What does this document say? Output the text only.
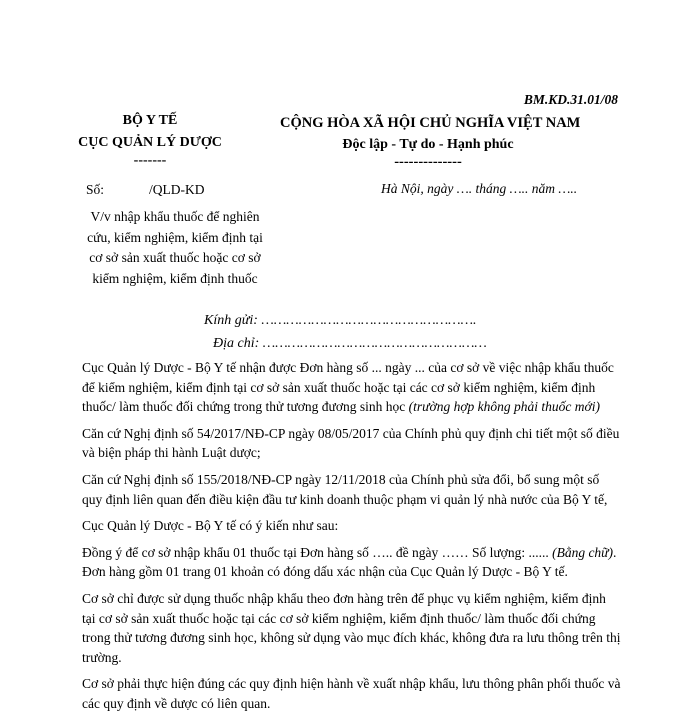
BM.KD.31.01/08
BỘ Y TẾ
CỤC QUẢN LÝ DƯỢC
-------
CỘNG HÒA XÃ HỘI CHỦ NGHĨA VIỆT NAM
Độc lập - Tự do - Hạnh phúc
--------------
Số:	/QLD-KD	Hà Nội, ngày …. tháng ….. năm …..
V/v nhập khẩu thuốc để nghiên cứu, kiểm nghiệm, kiểm định tại cơ sở sản xuất thuốc hoặc cơ sở kiểm nghiệm, kiểm định thuốc
Kính gửi: …………………………………………….
Địa chỉ: ………………………………………………

Cục Quản lý Dược - Bộ Y tế nhận được Đơn hàng số ... ngày ... của cơ sở về việc nhập khẩu thuốc để kiểm nghiệm, kiểm định tại cơ sở sản xuất thuốc hoặc tại các cơ sở kiểm nghiệm, kiểm định thuốc/ làm thuốc đối chứng trong thử tương đương sinh học (trường hợp không phải thuốc mới)

Căn cứ Nghị định số 54/2017/NĐ-CP ngày 08/05/2017 của Chính phủ quy định chi tiết một số điều và biện pháp thi hành Luật dược;

Căn cứ Nghị định số 155/2018/NĐ-CP ngày 12/11/2018 của Chính phủ sửa đổi, bổ sung một số quy định liên quan đến điều kiện đầu tư kinh doanh thuộc phạm vi quản lý nhà nước của Bộ Y tế,

Cục Quản lý Dược - Bộ Y tế có ý kiến như sau:

Đồng ý để cơ sở nhập khẩu 01 thuốc tại Đơn hàng số ….. đề ngày …… Số lượng: ...... (Bằng chữ). Đơn hàng gồm 01 trang 01 khoản có đóng dấu xác nhận của Cục Quản lý Dược - Bộ Y tế.

Cơ sở chỉ được sử dụng thuốc nhập khẩu theo đơn hàng trên để phục vụ kiểm nghiệm, kiểm định tại cơ sở sản xuất thuốc hoặc tại các cơ sở kiểm nghiệm, kiểm định thuốc/ làm thuốc đối chứng trong thử tương đương sinh học, không sử dụng vào mục đích khác, không đưa ra lưu thông trên thị trường.

Cơ sở phải thực hiện đúng các quy định hiện hành về xuất nhập khẩu, lưu thông phân phối thuốc và các quy định về dược có liên quan.
